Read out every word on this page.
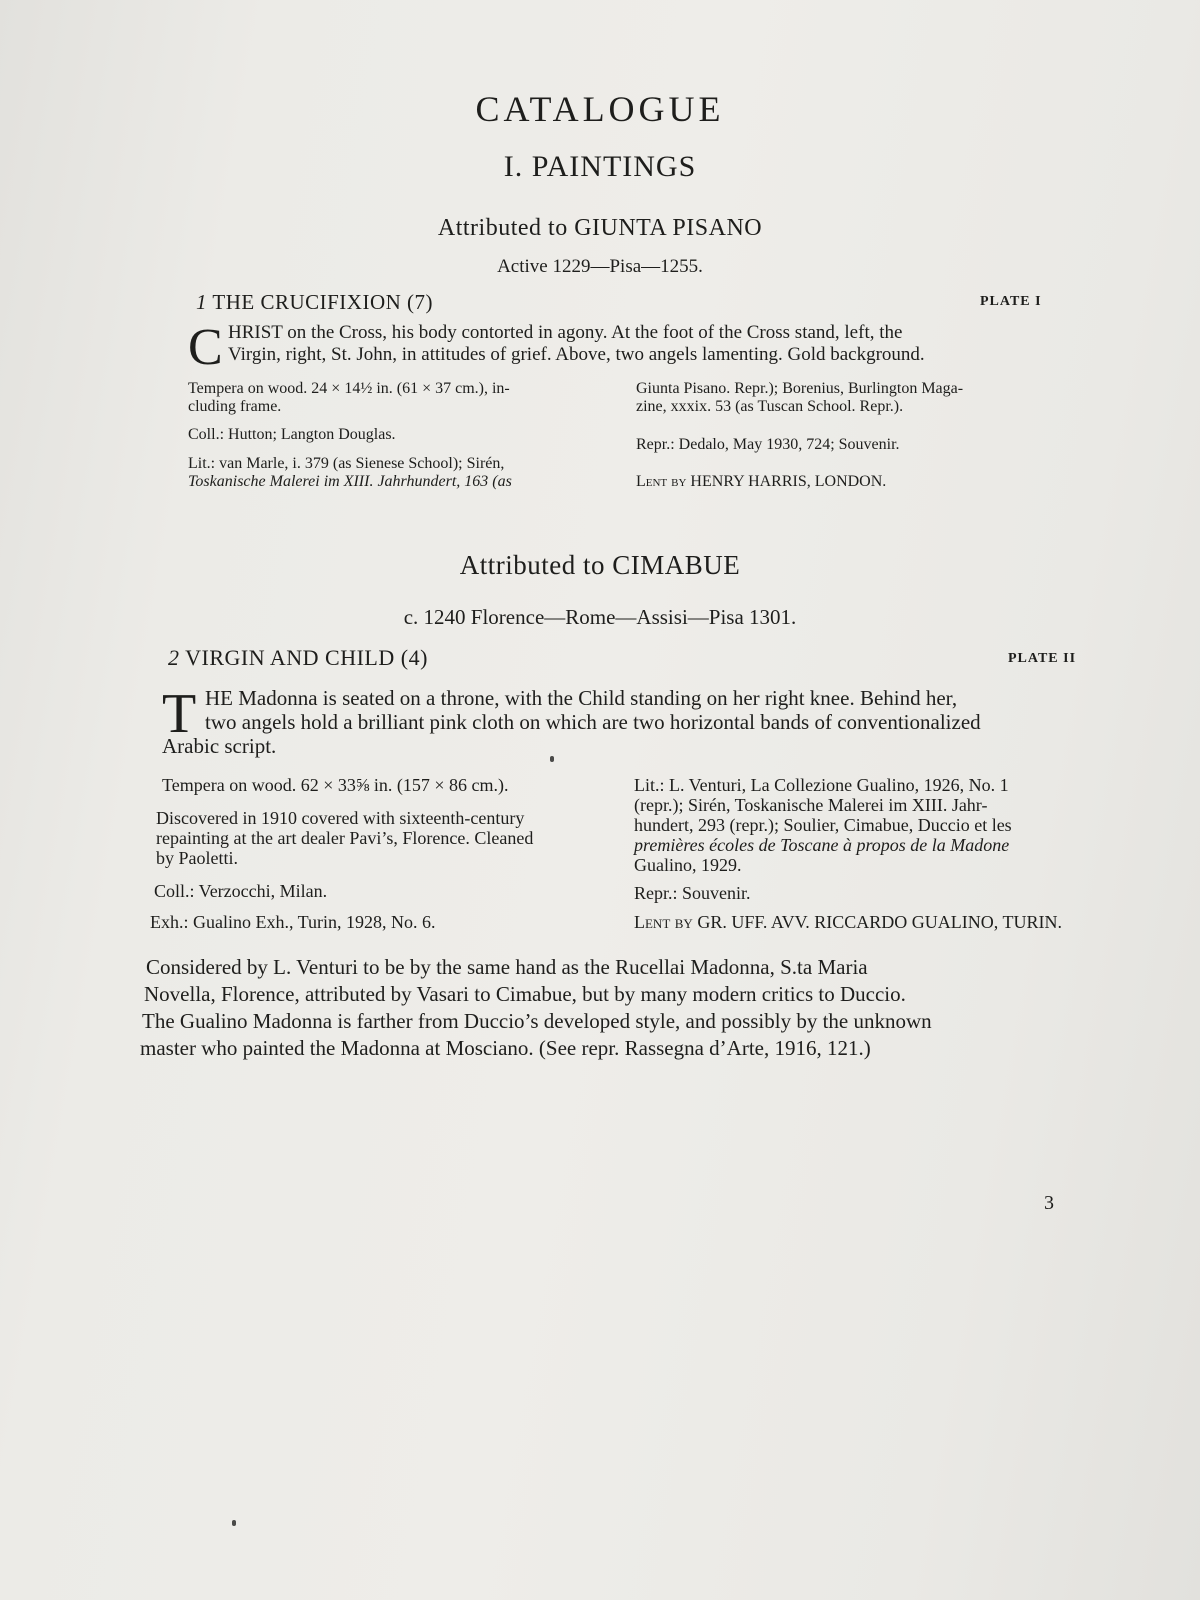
CATALOGUE
I. PAINTINGS
Attributed to GIUNTA PISANO
Active 1229—Pisa—1255.
1 THE CRUCIFIXION (7)	PLATE I
C HRIST on the Cross, his body contorted in agony. At the foot of the Cross stand, left, the
Virgin, right, St. John, in attitudes of grief. Above, two angels lamenting. Gold background.
Tempera on wood. 24 × 14½ in. (61 × 37 cm.), in-
cluding frame.
Coll.: Hutton; Langton Douglas.
Lit.: van Marle, i. 379 (as Sienese School); Sirén,
Toskanische Malerei im XIII. Jahrhundert, 163 (as
Giunta Pisano. Repr.); Borenius, Burlington Maga-
zine, xxxix. 53 (as Tuscan School. Repr.).
Repr.: Dedalo, May 1930, 724; Souvenir.
Lent by HENRY HARRIS, LONDON.
Attributed to CIMABUE
c. 1240 Florence—Rome—Assisi—Pisa 1301.
2 VIRGIN AND CHILD (4)	PLATE II
T HE Madonna is seated on a throne, with the Child standing on her right knee. Behind her,
two angels hold a brilliant pink cloth on which are two horizontal bands of conventionalized
Arabic script.
Tempera on wood. 62 × 33⅝ in. (157 × 86 cm.).
Discovered in 1910 covered with sixteenth-century
repainting at the art dealer Pavi’s, Florence. Cleaned
by Paoletti.
Coll.: Verzocchi, Milan.
Exh.: Gualino Exh., Turin, 1928, No. 6.
Lit.: L. Venturi, La Collezione Gualino, 1926, No. 1
(repr.); Sirén, Toskanische Malerei im XIII. Jahr-
hundert, 293 (repr.); Soulier, Cimabue, Duccio et les
premières écoles de Toscane à propos de la Madone
Gualino, 1929.
Repr.: Souvenir.
Lent by GR. UFF. AVV. RICCARDO GUALINO, TURIN.
Considered by L. Venturi to be by the same hand as the Rucellai Madonna, S.ta Maria
Novella, Florence, attributed by Vasari to Cimabue, but by many modern critics to Duccio.
The Gualino Madonna is farther from Duccio’s developed style, and possibly by the unknown
master who painted the Madonna at Mosciano. (See repr. Rassegna d’Arte, 1916, 121.)
3
